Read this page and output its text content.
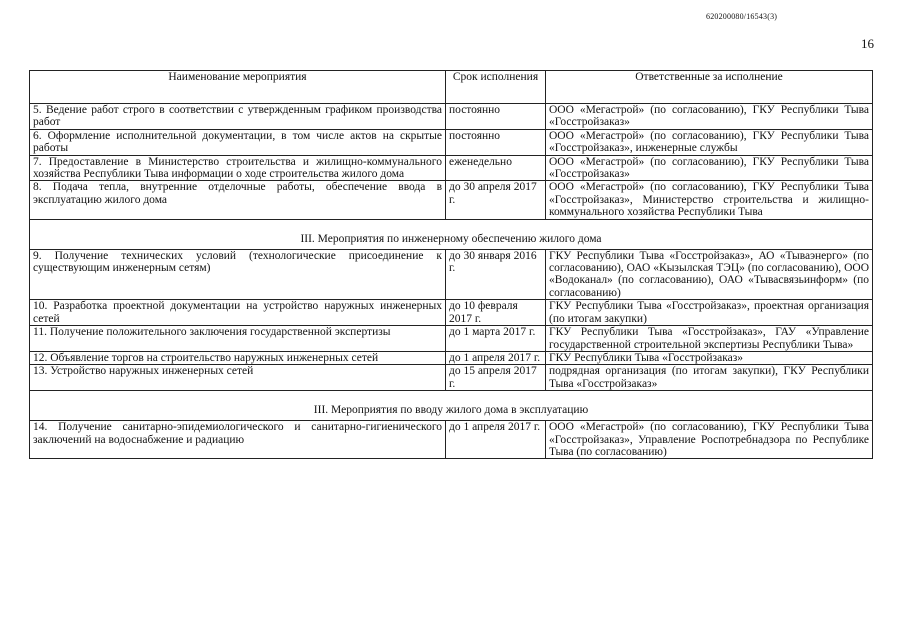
620200080/16543(3)
16
Наименование мероприятия	Срок исполнения	Ответственные за исполнение
5. Ведение работ строго в соответствии с утвержденным графиком производства работ	постоянно	ООО «Мегастрой» (по согласованию), ГКУ Республики Тыва «Госстройзаказ»
6. Оформление исполнительной документации, в том числе актов на скрытые работы	постоянно	ООО «Мегастрой» (по согласованию), ГКУ Республики Тыва «Госстройзаказ», инженерные службы
7. Предоставление в Министерство строительства и жилищно-коммунального хозяйства Республики Тыва информации о ходе строительства жилого дома	еженедельно	ООО «Мегастрой» (по согласованию), ГКУ Республики Тыва «Госстройзаказ»
8. Подача тепла, внутренние отделочные работы, обеспечение ввода в эксплуатацию жилого дома	до 30 апреля 2017 г.	ООО «Мегастрой» (по согласованию), ГКУ Республики Тыва «Госстройзаказ», Министерство строительства и жилищно-коммунального хозяйства Республики Тыва
III. Мероприятия по инженерному обеспечению жилого дома		
9. Получение технических условий (технологические присоединение к существующим инженерным сетям)	до 30 января 2016 г.	ГКУ Республики Тыва «Госстройзаказ», АО «Тываэнерго» (по согласованию), ОАО «Кызылская ТЭЦ» (по согласованию), ООО «Водоканал» (по согласованию), ОАО «Тывасвязьинформ» (по согласованию)
10. Разработка проектной документации на устройство наружных инженерных сетей	до 10 февраля 2017 г.	ГКУ Республики Тыва «Госстройзаказ», проектная организация (по итогам закупки)
11. Получение положительного заключения государственной экспертизы	до 1 марта 2017 г.	ГКУ Республики Тыва «Госстройзаказ», ГАУ «Управление государственной строительной экспертизы Республики Тыва»
12. Объявление торгов на строительство наружных инженерных сетей	до 1 апреля 2017 г.	ГКУ Республики Тыва «Госстройзаказ»
13. Устройство наружных инженерных сетей	до 15 апреля 2017 г.	подрядная организация (по итогам закупки), ГКУ Республики Тыва «Госстройзаказ»
III. Мероприятия по вводу жилого дома в эксплуатацию		
14. Получение санитарно-эпидемиологического и санитарно-гигиенического заключений на водоснабжение и радиацию	до 1 апреля 2017 г.	ООО «Мегастрой» (по согласованию), ГКУ Республики Тыва «Госстройзаказ», Управление Роспотребнадзора по Республике Тыва (по согласованию)
